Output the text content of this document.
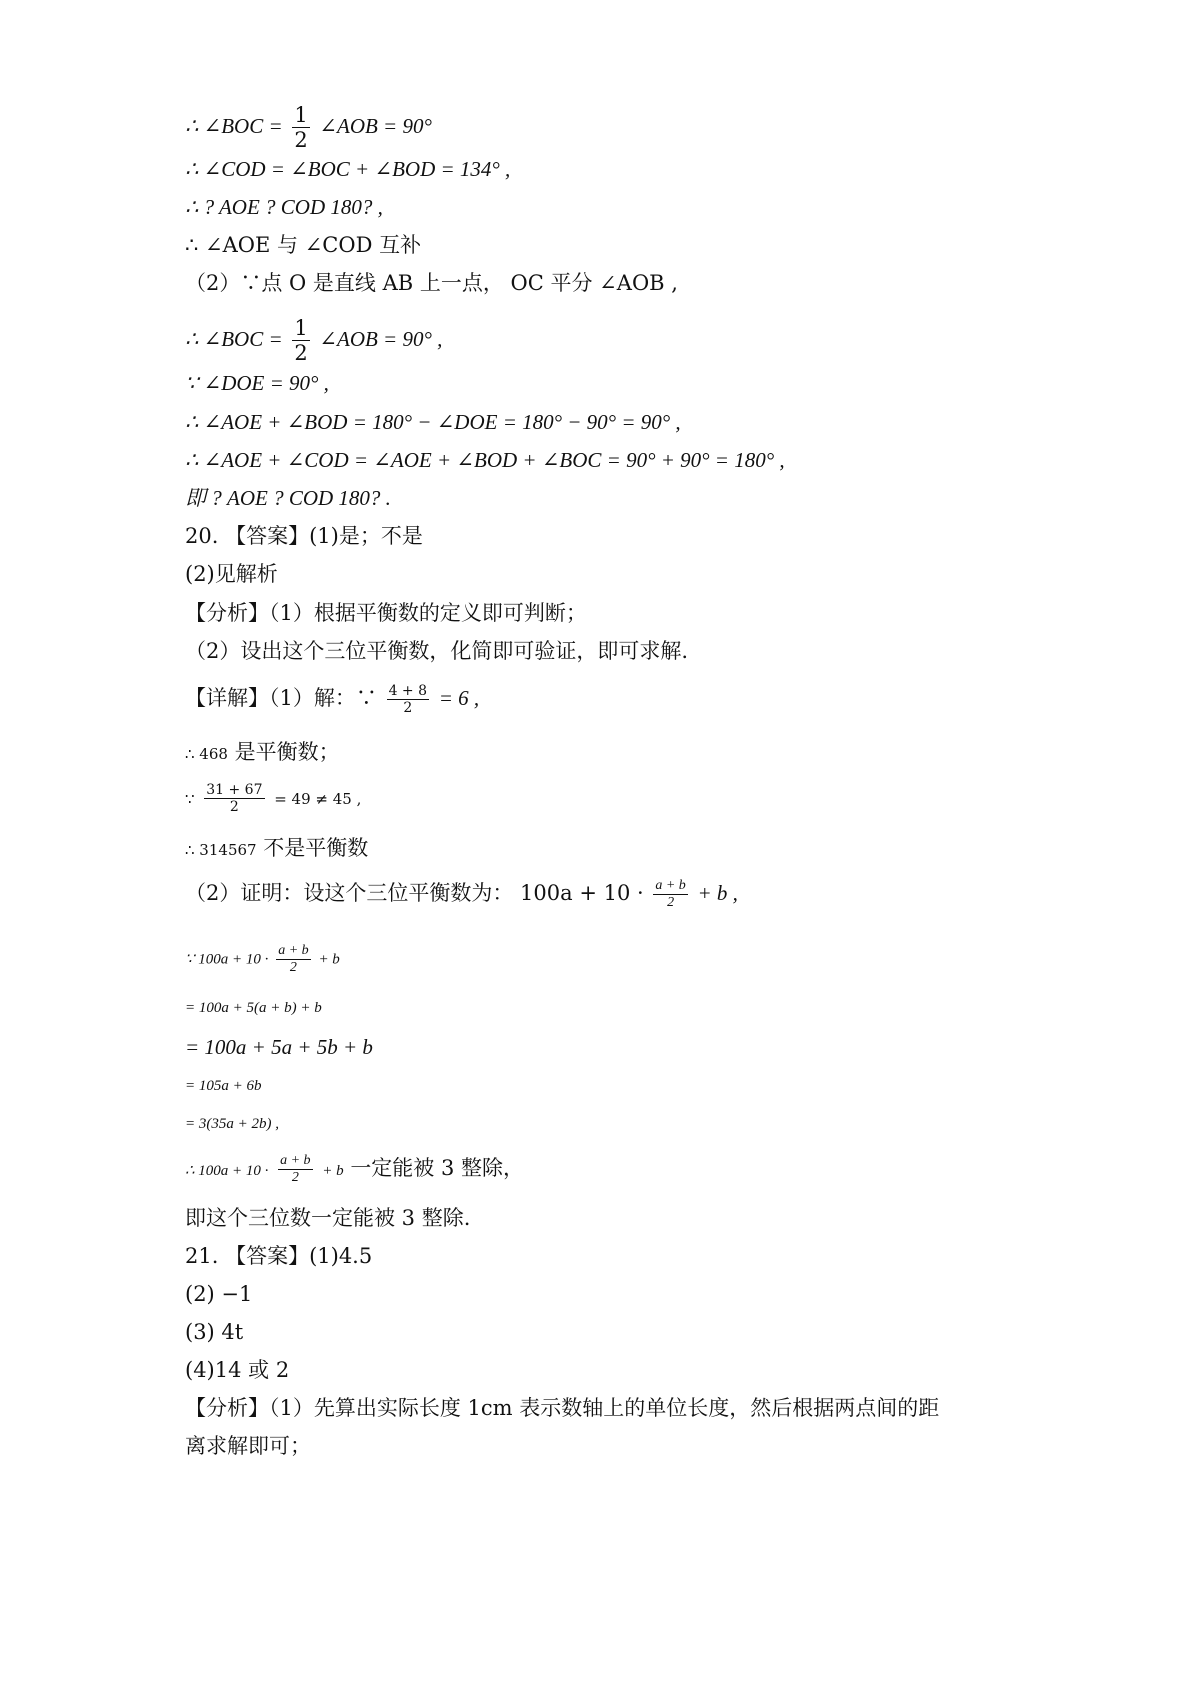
∴ ∠BOC = $\frac{1}{2}$ ∠AOB = 90°
∴ ∠COD = ∠BOC + ∠BOD = 134° ,
∴ ? AOE ? COD 180? ,
∴ ∠AOE 与 ∠COD 互补
（2）∵点 O 是直线 AB 上一点， OC 平分 ∠AOB ,
∴ ∠BOC = $\frac{1}{2}$ ∠AOB = 90° ,
∵ ∠DOE = 90° ,
∴ ∠AOE + ∠BOD = 180° − ∠DOE = 180° − 90° = 90° ,
∴ ∠AOE + ∠COD = ∠AOE + ∠BOD + ∠BOC = 90° + 90° = 180° ,
即 ? AOE ? COD 180? .
20. 【答案】(1)是；不是
(2)见解析
【分析】（1）根据平衡数的定义即可判断；
（2）设出这个三位平衡数，化简即可验证，即可求解.
【详解】（1）解：∵ $\frac{4 + 8}{2} = 6$ ,
∴ 468 是平衡数；
∵ $\frac{31 + 67}{2} = 49 \ne 45$ ,
∴ 314567 不是平衡数
（2）证明：设这个三位平衡数为： $100a + 10 \cdot \frac{a + b}{2} + b$ ,
∵ $100a + 10 \cdot \frac{a + b}{2} + b$
= 100a + 5(a + b) + b
= 100a + 5a + 5b + b
= 105a + 6b
= 3(35a + 2b) ,
∴ $100a + 10 \cdot \frac{a + b}{2} + b$ 一定能被 3 整除，
即这个三位数一定能被 3 整除.
21. 【答案】(1)4.5
(2) −1
(3) 4t
(4)14 或 2
【分析】（1）先算出实际长度 1cm 表示数轴上的单位长度，然后根据两点间的距
离求解即可；
